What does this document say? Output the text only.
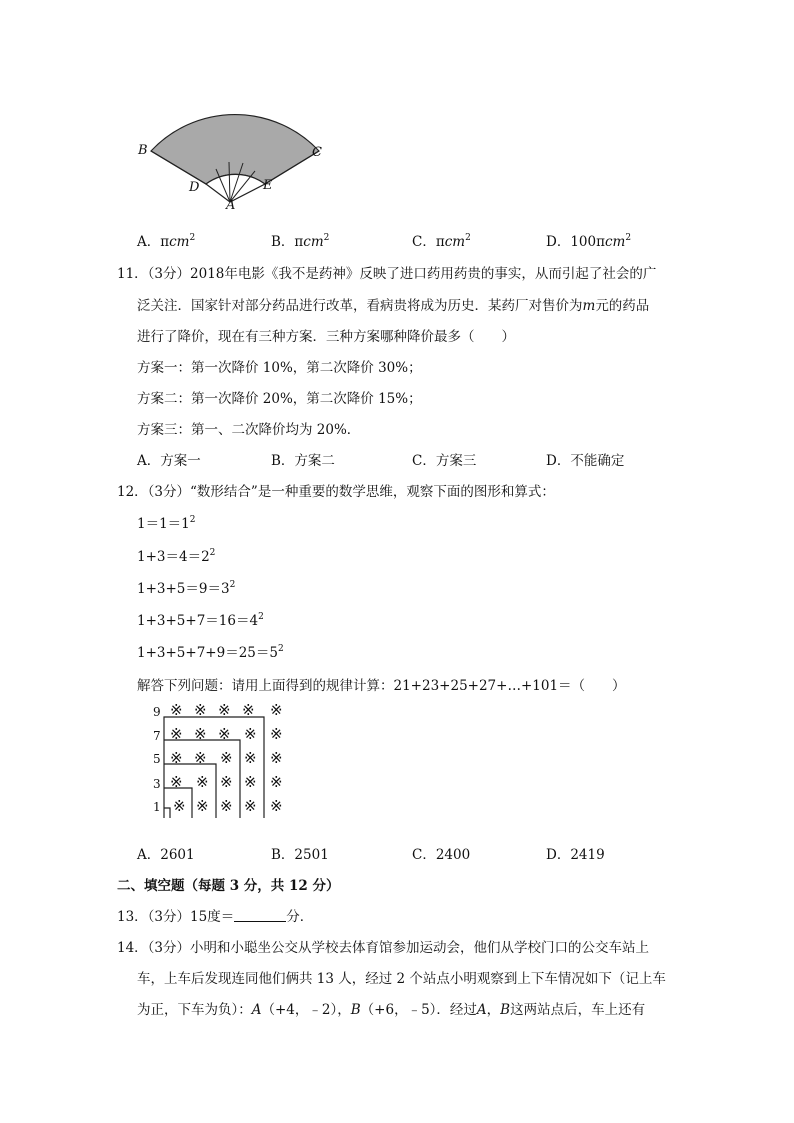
B	C
D	E
A
A．πcm$^2$	B．πcm$^2$	C．πcm$^2$	D．100πcm$^2$
11．（3分）2018年电影《我不是药神》反映了进口药用药贵的事实，从而引起了社会的广
泛关注．国家针对部分药品进行改革，看病贵将成为历史．某药厂对售价为m元的药品
进行了降价，现在有三种方案．三种方案哪种降价最多（　　）
方案一：第一次降价 10%，第二次降价 30%；
方案二：第一次降价 20%，第二次降价 15%；
方案三：第一、二次降价均为 20%．
A．方案一	B．方案二	C．方案三	D．不能确定
12．（3分）“数形结合”是一种重要的数学思维，观察下面的图形和算式：
$1=1=1^2$
$1+3=4=2^2$
$1+3+5=9=3^2$
$1+3+5+7=16=4^2$
$1+3+5+7+9=25=5^2$
解答下列问题：请用上面得到的规律计算：21+23+25+27+…+101＝（　　）
9
7
5
3
1
※ ※ ※ ※ ※
※ ※ ※ ※ ※
※ ※ ※ ※ ※
※ ※ ※ ※ ※
※ ※ ※ ※ ※
A．2601	B．2501	C．2400	D．2419
二、填空题（每题 3 分，共 12 分）
13．（3分）15度＝	分．
14．（3分）小明和小聪坐公交从学校去体育馆参加运动会，他们从学校门口的公交车站上
车，上车后发现连同他们俩共 13 人，经过 2 个站点小明观察到上下车情况如下（记上车
为正，下车为负）：A（+4，﹣2），B（+6，﹣5）．经过A，B这两站点后，车上还有
